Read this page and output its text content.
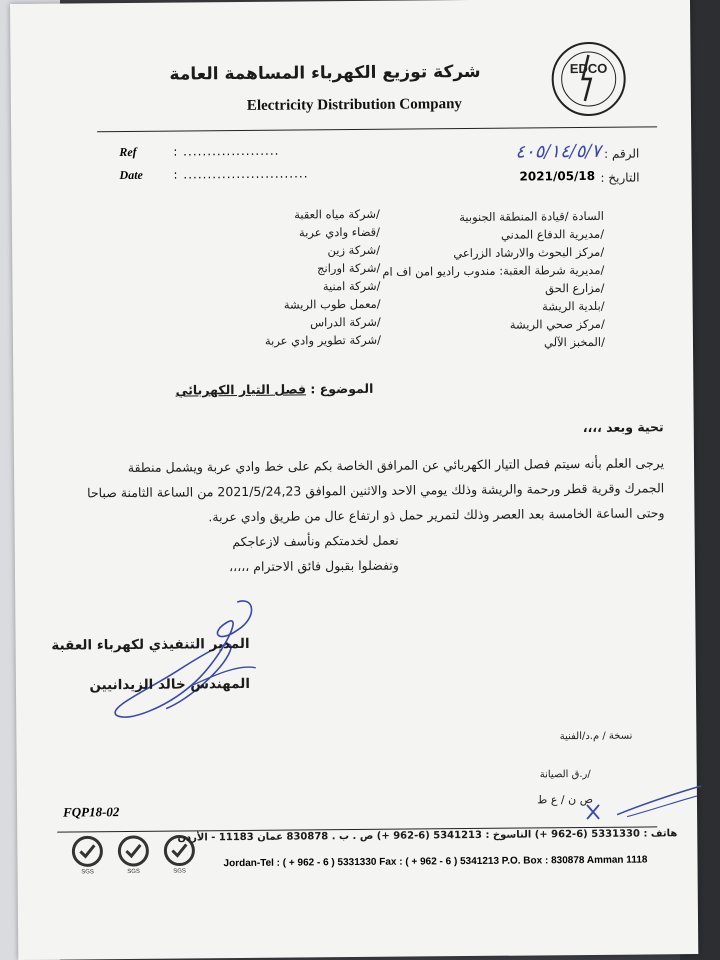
EDCO
شركة توزيع الكهرباء المساهمة العامة
Electricity Distribution Company
Ref	: ....................
Date	: ..........................
الرقم :
٤٠٥/١٤/٥/٧
التاريخ :
2021/05/18
السادة /قيادة المنطقة الجنوبية
/مديرية الدفاع المدني
/مركز البحوث والارشاد الزراعي
/مديرية شرطة العقبة: مندوب راديو امن اف ام
/مزارع الحق
/بلدية الريشة
/مركز صحي الريشة
/المخبز الآلي
/شركة مياه العقبة
/قضاء وادي عربة
/شركة زين
/شركة اورانج
/شركة امنية
/معمل طوب الريشة
/شركة الدراس
/شركة تطوير وادي عربة
الموضوع : فصل التيار الكهربائي
تحية وبعد ،،،،
يرجى العلم بأنه سيتم فصل التيار الكهربائي عن المرافق الخاصة بكم على خط وادي عربة ويشمل منطقة
الجمرك وقرية قطر ورحمة والريشة وذلك يومي الاحد والاثنين الموافق 2021/5/24,23 من الساعة الثامنة صباحا
وحتى الساعة الخامسة بعد العصر وذلك لتمرير حمل ذو ارتفاع عال من طريق وادي عربة.
نعمل لخدمتكم ونأسف لازعاجكم
وتفضلوا بقبول فائق الاحترام ،،،،،
المدير التنفيذي لكهرباء العقبة
المهندس خالد الزيدانيين
نسخة / م.د/الفنية
/ر.ق الصيانة
ص ن / ع ط
FQP18-02
SGS	SGS	SGS
هاتف : 5331330 (6-962 +) الناسوخ : 5341213 (6-962 +) ص . ب . 830878 عمان 11183 - الأردن
Jordan-Tel : ( + 962 - 6 ) 5331330 Fax : ( + 962 - 6 ) 5341213 P.O. Box : 830878 Amman 1118
